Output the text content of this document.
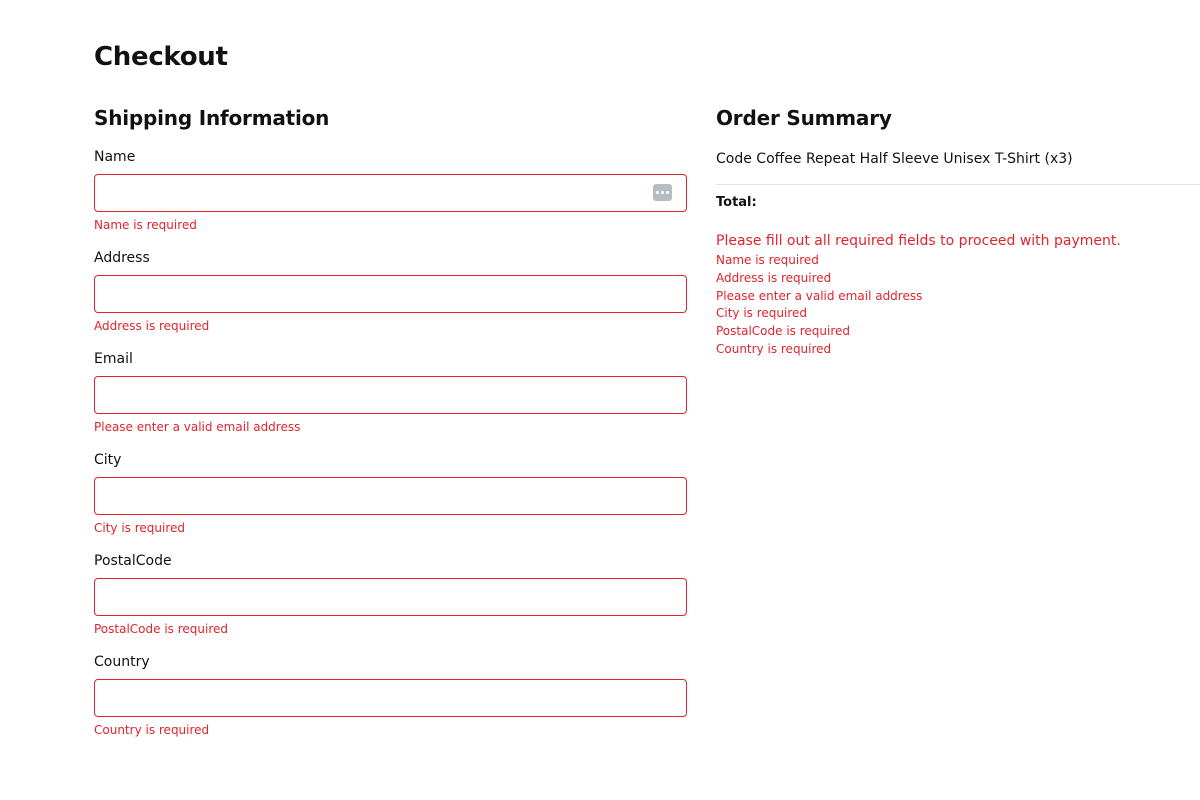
Checkout
Shipping Information
Name
Name is required
Address
Address is required
Email
Please enter a valid email address
City
City is required
PostalCode
PostalCode is required
Country
Country is required
Order Summary
Code Coffee Repeat Half Sleeve Unisex T-Shirt (x3)
Total:
Please fill out all required fields to proceed with payment.
Name is required
Address is required
Please enter a valid email address
City is required
PostalCode is required
Country is required
